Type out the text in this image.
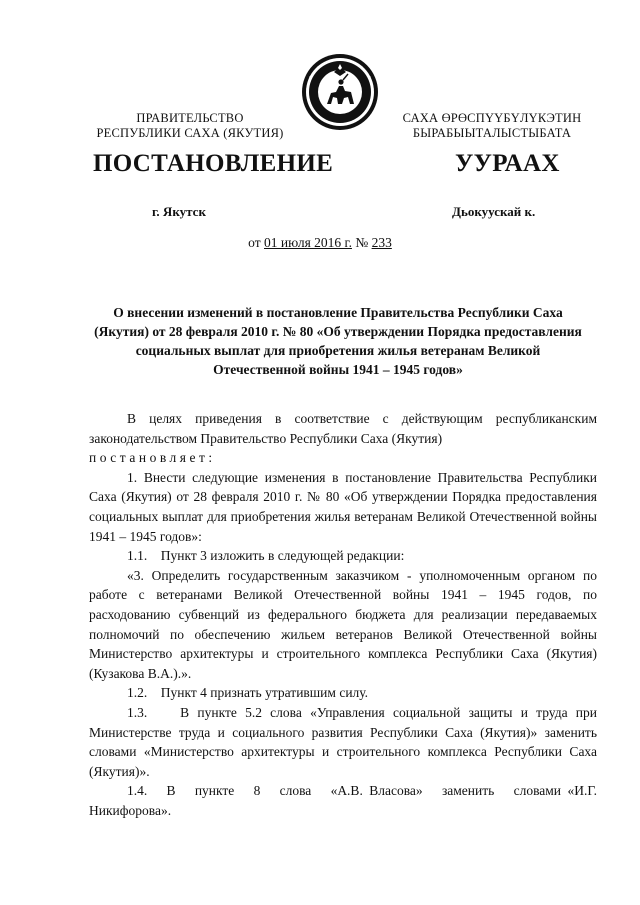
ПРАВИТЕЛЬСТВО
РЕСПУБЛИКИ САХА (ЯКУТИЯ)
САХА ӨРӨСПҮҮБҮЛҮКЭТИН
БЫРАБЫЫТАЛЫСТЫБАТА
ПОСТАНОВЛЕНИЕ	УУРААХ
г. Якутск	Дьокуускай к.
от 01 июля 2016 г. № 233
О внесении изменений в постановление Правительства Республики Саха (Якутия) от 28 февраля 2010 г. № 80 «Об утверждении Порядка предоставления социальных выплат для приобретения жилья ветеранам Великой Отечественной войны 1941 – 1945 годов»

В целях приведения в соответствие с действующим республиканским законодательством Правительство Республики Саха (Якутия)

постановляет:

1. Внести следующие изменения в постановление Правительства Республики Саха (Якутия) от 28 февраля 2010 г. № 80 «Об утверждении Порядка предоставления социальных выплат для приобретения жилья ветеранам Великой Отечественной войны 1941 – 1945 годов»:

1.1.    Пункт 3 изложить в следующей редакции:

«3. Определить государственным заказчиком - уполномоченным органом по работе с ветеранами Великой Отечественной войны 1941 – 1945 годов, по расходованию субвенций из федерального бюджета для реализации передаваемых полномочий по обеспечению жильем ветеранов Великой Отечественной войны Министерство архитектуры и строительного комплекса Республики Саха (Якутия) (Кузакова В.А.).».

1.2.    Пункт 4 признать утратившим силу.

1.3.    В пункте 5.2 слова «Управления социальной защиты и труда при Министерстве труда и социального развития Республики Саха (Якутия)» заменить словами «Министерство архитектуры и строительного комплекса Республики Саха (Якутия)».

1.4.   В   пункте   8   слова   «А.В. Власова»   заменить   словами «И.Г. Никифорова».
